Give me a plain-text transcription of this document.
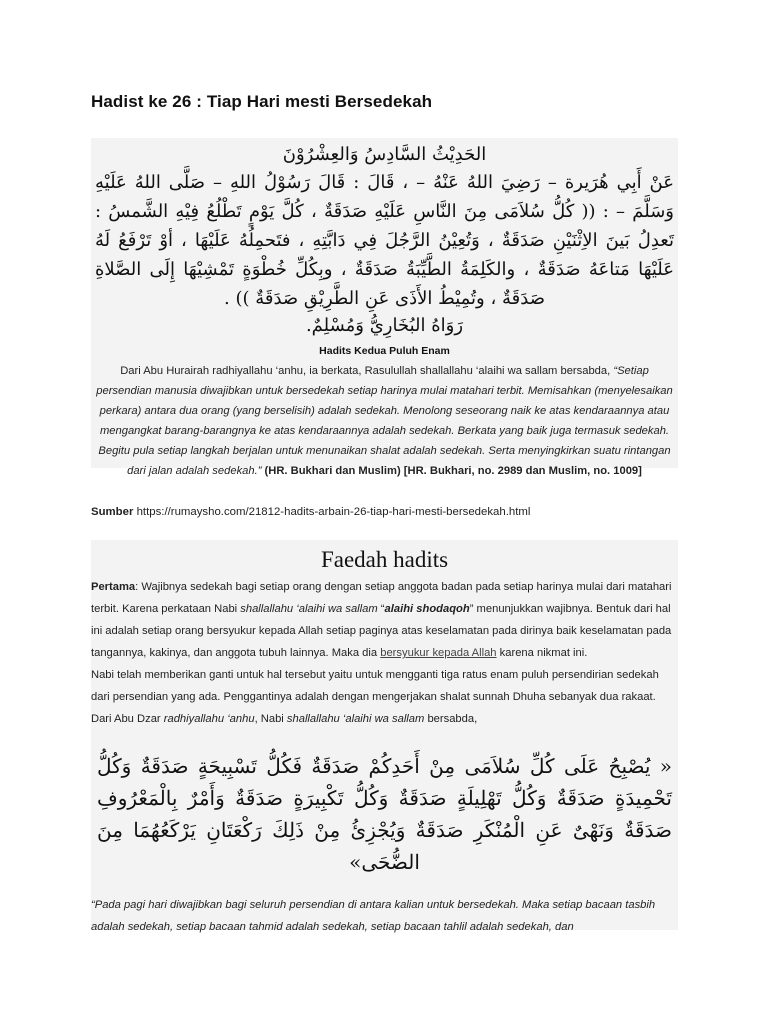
Hadist ke 26 : Tiap Hari mesti Bersedekah
الحَدِيْثُ السَّادِسُ وَالعِشْرُوْنَ
عَنْ أَبِي هُرَيرة – رَضِيَ اللهُ عَنْهُ – ، قَالَ : قَالَ رَسُوْلُ اللهِ – صَلَّى اللهُ عَلَيْهِ وَسَلَّمَ – : (( كُلُّ سُلاَمَى مِنَ النَّاسِ عَلَيْهِ صَدَقَةٌ ، كُلَّ يَوْمٍ تَطْلُعُ فِيْهِ الشَّمسُ : تَعدِلُ بَينَ الاِثْنَيْنِ صَدَقَةٌ ، وَتُعِيْنُ الرَّجُلَ فِي دَابَّتِهِ ، فتَحمِلُهُ عَلَيْهَا ، أوْ تَرْفَعُ لَهُ عَلَيْهَا مَتاعَهُ صَدَقَةٌ ، والكَلِمَةُ الطَّيِّبَةُ صَدَقَةٌ ، وبِكُلِّ خُطْوَةٍ تَمْشِيْهَا إِلَى الصَّلاةِ صَدَقَةٌ ، وتُمِيْطُ الأَذَى عَنِ الطَّرِيْقِ صَدَقَةٌ )) .
رَوَاهُ البُخَارِيُّ وَمُسْلِمٌ.
Hadits Kedua Puluh Enam
Dari Abu Hurairah radhiyallahu ‘anhu, ia berkata, Rasulullah shallallahu ‘alaihi wa sallam bersabda, “Setiap persendian manusia diwajibkan untuk bersedekah setiap harinya mulai matahari terbit. Memisahkan (menyelesaikan perkara) antara dua orang (yang berselisih) adalah sedekah. Menolong seseorang naik ke atas kendaraannya atau mengangkat barang-barangnya ke atas kendaraannya adalah sedekah. Berkata yang baik juga termasuk sedekah. Begitu pula setiap langkah berjalan untuk menunaikan shalat adalah sedekah. Serta menyingkirkan suatu rintangan dari jalan adalah sedekah.” (HR. Bukhari dan Muslim) [HR. Bukhari, no. 2989 dan Muslim, no. 1009]
Sumber https://rumaysho.com/21812-hadits-arbain-26-tiap-hari-mesti-bersedekah.html
Faedah hadits
Pertama: Wajibnya sedekah bagi setiap orang dengan setiap anggota badan pada setiap harinya mulai dari matahari terbit. Karena perkataan Nabi shallallahu ‘alaihi wa sallam “alaihi shodaqoh” menunjukkan wajibnya. Bentuk dari hal ini adalah setiap orang bersyukur kepada Allah setiap paginya atas keselamatan pada dirinya baik keselamatan pada tangannya, kakinya, dan anggota tubuh lainnya. Maka dia bersyukur kepada Allah karena nikmat ini.
Nabi telah memberikan ganti untuk hal tersebut yaitu untuk mengganti tiga ratus enam puluh persendirian sedekah dari persendian yang ada. Penggantinya adalah dengan mengerjakan shalat sunnah Dhuha sebanyak dua rakaat. Dari Abu Dzar radhiyallahu ‘anhu, Nabi shallallahu ‘alaihi wa sallam bersabda,
« يُصْبِحُ عَلَى كُلِّ سُلاَمَى مِنْ أَحَدِكُمْ صَدَقَةٌ فَكُلُّ تَسْبِيحَةٍ صَدَقَةٌ وَكُلُّ تَحْمِيدَةٍ صَدَقَةٌ وَكُلُّ تَهْلِيلَةٍ صَدَقَةٌ وَكُلُّ تَكْبِيرَةٍ صَدَقَةٌ وَأَمْرٌ بِالْمَعْرُوفِ صَدَقَةٌ وَنَهْىٌ عَنِ الْمُنْكَرِ صَدَقَةٌ وَيُجْزِئُ مِنْ ذَلِكَ رَكْعَتَانِ يَرْكَعُهُمَا مِنَ الضُّحَى»
“Pada pagi hari diwajibkan bagi seluruh persendian di antara kalian untuk bersedekah. Maka setiap bacaan tasbih adalah sedekah, setiap bacaan tahmid adalah sedekah, setiap bacaan tahlil adalah sedekah, dan
